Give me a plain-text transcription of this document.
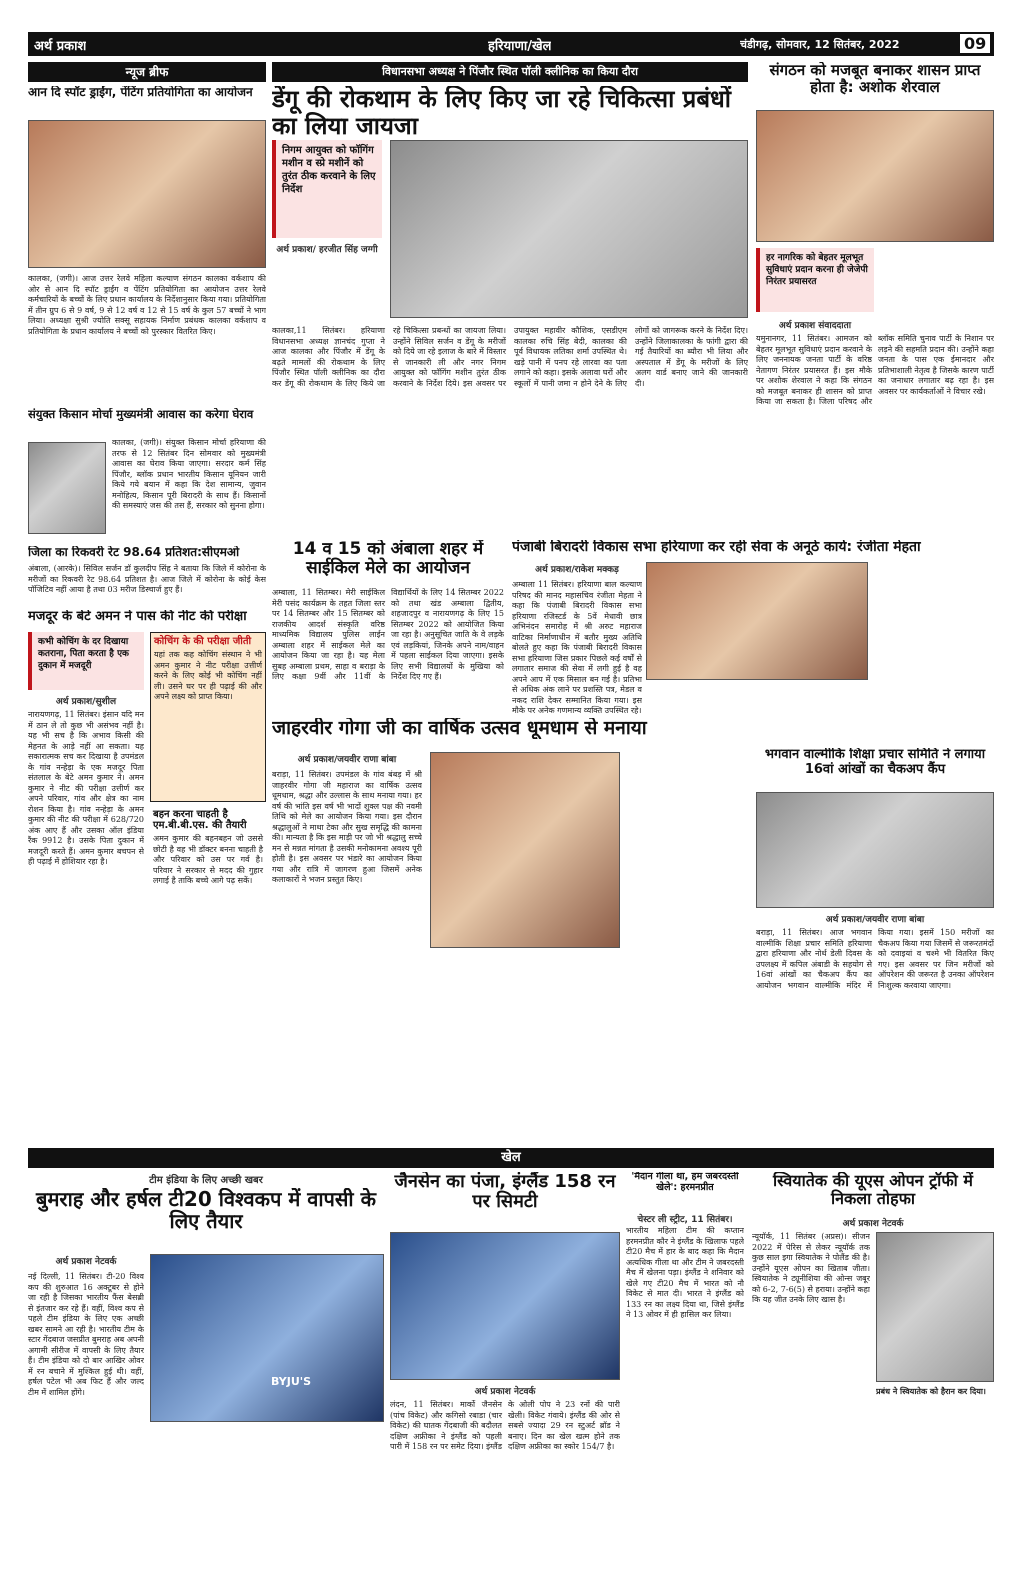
अर्थ प्रकाश	हरियाणा/खेल	चंडीगढ़, सोमवार, 12 सितंबर, 2022	09
न्यूज ब्रीफ
आन दि स्पॉट ड्राईंग, पेंटिंग प्रतियोगिता का आयोजन
कालका, (जगी)। आज उत्तर रेलवे महिला कल्याण संगठन कालका वर्कशाप की ओर से आन दि स्पॉट ड्राईंग व पेंटिंग प्रतियोगिता का आयोजन उत्तर रेलवे कर्मचारियों के बच्चों के लिए प्रधान कार्यालय के निर्देशानुसार किया गया। प्रतियोगिता में तीन ग्रुप 6 से 9 वर्ष, 9 से 12 वर्ष व 12 से 15 वर्ष के कुल 57 बच्चों ने भाग लिया। अध्यक्षा सुश्री ज्योति सक्सू सहायक निर्माण प्रबंधक कालका वर्कशाप व प्रतियोगिता के प्रधान कार्यालय ने बच्चों को पुरस्कार वितरित किए।
संयुक्त किसान मोर्चा मुख्यमंत्री आवास का करेगा घेराव
कालका, (जगी)। संयुक्त किसान मोर्चा हरियाणा की तरफ से 12 सितंबर दिन सोमवार को मुख्यमंत्री आवास का घेराव किया जाएगा। सरदार कर्म सिंह पिंजौर, ब्लॉक प्रधान भारतीय किसान यूनियन जारी किये गये बयान में कहा कि देश सामान्य, जुवान मनोहित्य, किसान पूरी बिरादरी के साथ हैं। किसानों की समस्याएं जस की तस हैं, सरकार को सुनना होगा।
जिला का रिकवरी रेट 98.64 प्रतिशत:सीएमओ
अंबाला, (आरके)। सिविल सर्जन डॉ कुलदीप सिंह ने बताया कि जिले में कोरोना के मरीजों का रिकवरी रेट 98.64 प्रतिशत है। आज जिले में कोरोना के कोई केस पॉजिटिव नहीं आया है तथा 03 मरीज डिस्चार्ज हुए हैं।
विधानसभा अध्यक्ष ने पिंजौर स्थित पॉली क्लीनिक का किया दौरा
डेंगू की रोकथाम के लिए किए जा रहे चिकित्सा प्रबंधों का लिया जायजा
निगम आयुक्त को फॉगिंग मशीन व स्प्रे मशीनें को तुरंत ठीक करवाने के लिए निर्देश
अर्थ प्रकाश/ हरजीत सिंह जग्गी
कालका,11 सितंबर। हरियाणा विधानसभा अध्यक्ष ज्ञानचंद गुप्ता ने आज कालका और पिंजौर में डेंगू के बढ़ते मामलों की रोकथाम के लिए पिंजौर स्थित पॉली क्लीनिक का दौरा कर डेंगू की रोकथाम के लिए किये जा रहे चिकित्सा प्रबन्धों का जायजा लिया। उन्होंने सिविल सर्जन व डेंगू के मरीजों को दिये जा रहे इलाज के बारे में विस्तार से जानकारी ली और नगर निगम आयुक्त को फॉगिंग मशीन तुरंत ठीक करवाने के निर्देश दिये। इस अवसर पर उपायुक्त महावीर कौशिक, एसडीएम कालका रुचि सिंह बेदी, कालका की पूर्व विधायक लतिका शर्मा उपस्थित थे। खड़े पानी में पनप रहे लारवा का पता लगाने को कहा। इसके अलावा घरों और स्कूलों में पानी जमा न होने देने के लिए लोगों को जागरूक करने के निर्देश दिए। उन्होंने जिलाकालका के फांगी द्वारा की गई तैयारियों का ब्यौरा भी लिया और अस्पताल में डेंगू के मरीजों के लिए अलग वार्ड बनाए जाने की जानकारी दी।
संगठन को मजबूत बनाकर शासन प्राप्त होता है: अशोक शेरवाल
हर नागरिक को बेहतर मूलभूत सुविधाएं प्रदान करना ही जेजेपी निरंतर प्रयासरत
अर्थ प्रकाश संवाददाता
यमुनानगर, 11 सितंबर। आमजन को बेहतर मूलभूत सुविधाएं प्रदान करवाने के लिए जननायक जनता पार्टी के वरिष्ठ नेतागण निरंतर प्रयासरत हैं। इस मौके पर अशोक शेरवाल ने कहा कि संगठन को मजबूत बनाकर ही शासन को प्राप्त किया जा सकता है। जिला परिषद और ब्लॉक समिति चुनाव पार्टी के निशान पर लड़ने की सहमति प्रदान की। उन्होंने कहा जनता के पास एक ईमानदार और प्रतिभाशाली नेतृत्व है जिसके कारण पार्टी का जनाधार लगातार बढ़ रहा है। इस अवसर पर कार्यकर्ताओं ने विचार रखे।
14 व 15 को अंबाला शहर में साईकिल मेले का आयोजन
अम्बाला, 11 सितम्बर। मेरी साईकिल मेरी पसंद कार्यक्रम के तहत जिला स्तर पर 14 सितम्बर और 15 सितम्बर को राजकीय आदर्श संस्कृति वरिष्ठ माध्यमिक विद्यालय पुलिस लाईन अम्बाला शहर में साईकल मेले का आयोजन किया जा रहा है। यह मेला सुबह अम्बाला प्रथम, साहा व बराड़ा के लिए कक्षा 9वीं और 11वीं के विद्यार्थियों के लिए 14 सितम्बर 2022 को तथा खंड अम्बाला द्वितीय, शहजादपुर व नारायणगढ़ के लिए 15 सितम्बर 2022 को आयोजित किया जा रहा है। अनुसूचित जाति के वे लड़के एवं लड़कियां, जिनके अपने नाम/वाहन में पहला साईकल दिया जाएगा। इसके लिए सभी विद्यालयों के मुखिया को निर्देश दिए गए हैं।
पंजाबी बिरादरी विकास सभा हरियाणा कर रही सेवा के अनूठे कार्य: रंजीता मेहता
अर्थ प्रकाश/राकेश मक्कड़
अम्बाला 11 सितंबर। हरियाणा बाल कल्याण परिषद की मानद महासचिव रंजीता मेहता ने कहा कि पंजाबी बिरादरी विकास सभा हरियाणा रजिस्टर्ड के 5वें मेधावी छात्र अभिनंदन समारोह में श्री अरुट महाराज वाटिका निर्माणाधीन में बतौर मुख्य अतिथि बोलते हुए कहा कि पंजाबी बिरादरी विकास सभा हरियाणा जिस प्रकार पिछले कई वर्षों से लगातार समाज की सेवा में लगी हुई है वह अपने आप में एक मिसाल बन गई है। प्रतिभा से अधिक अंक लाने पर प्रशस्ति पत्र, मेडल व नकद राशि देकर सम्मानित किया गया। इस मौके पर अनेक गणमान्य व्यक्ति उपस्थित रहे।
मजदूर के बेटे अमन ने पास की नीट की परीक्षा
कभी कोचिंग के दर दिखाया कतराना, पिता करता है एक दुकान में मजदूरी
अर्थ प्रकाश/सुशील
नारायणगढ़, 11 सितंबर। इंसान यदि मन में ठान ले तो कुछ भी असंभव नहीं है। यह भी सच है कि अभाव किसी की मेहनत के आड़े नहीं आ सकता। यह सकारात्मक सच कर दिखाया है उपमंडल के गांव नन्हेड़ा के एक मजदूर पिता संतलाल के बेटे अमन कुमार ने। अमन कुमार ने नीट की परीक्षा उत्तीर्ण कर अपने परिवार, गांव और क्षेत्र का नाम रोशन किया है। गांव नन्हेड़ा के अमन कुमार की नीट की परीक्षा में 628/720 अंक आए हैं और उसका ऑल इंडिया रैंक 9912 है। उसके पिता दुकान में मजदूरी करते हैं। अमन कुमार बचपन से ही पढ़ाई में होशियार रहा है।
कोचिंग के की परीक्षा जीती
यहां तक कह कोचिंग संस्थान ने भी अमन कुमार ने नीट परीक्षा उत्तीर्ण करने के लिए कोई भी कोचिंग नहीं ली। उसने घर पर ही पढ़ाई की और अपने लक्ष्य को प्राप्त किया।
बहन करना चाहती है एम.बी.बी.एस. की तैयारी
अमन कुमार की बहनबहन जो उससे छोटी है वह भी डॉक्टर बनना चाहती है और परिवार को उस पर गर्व है। परिवार ने सरकार से मदद की गुहार लगाई है ताकि बच्चे आगे पढ़ सकें।
जाहरवीर गोगा जी का वार्षिक उत्सव धूमधाम से मनाया
अर्थ प्रकाश/जयवीर राणा बांबा
बराड़ा, 11 सितंबर। उपमंडल के गांव बंबड़ में श्री जाहरवीर गोगा जी महाराज का वार्षिक उत्सव धूमधाम, श्रद्धा और उल्लास के साथ मनाया गया। हर वर्ष की भांति इस वर्ष भी भादों शुक्ल पक्ष की नवमी तिथि को मेले का आयोजन किया गया। इस दौरान श्रद्धालुओं ने माथा टेका और सुख समृद्धि की कामना की। मान्यता है कि इस माड़ी पर जो भी श्रद्धालु सच्चे मन से मन्नत मांगता है उसकी मनोकामना अवश्य पूरी होती है। इस अवसर पर भंडारे का आयोजन किया गया और रात्रि में जागरण हुआ जिसमें अनेक कलाकारों ने भजन प्रस्तुत किए।
भगवान वाल्मीकि शिक्षा प्रचार समिति ने लगाया 16वां आंखों का चैकअप कैंप
अर्थ प्रकाश/जयवीर राणा बांबा
बराड़ा, 11 सितंबर। आज भगवान वाल्मीकि शिक्षा प्रचार समिति हरियाणा द्वारा हरियाणा और नोर्थ डेली दिवस के उपलक्ष्य में कपिल अंबाडी के सहयोग से 16वां आंखों का चैकअप कैंप का आयोजन भगवान वाल्मीकि मंदिर में किया गया। इसमें 150 मरीजों का चैकअप किया गया जिसमें से जरूरतमंदों को दवाइयां व चश्मे भी वितरित किए गए। इस अवसर पर जिन मरीजों को ऑपरेशन की जरूरत है उनका ऑपरेशन निःशुल्क करवाया जाएगा।
खेल
टीम इंडिया के लिए अच्छी खबर
बुमराह और हर्षल टी20 विश्वकप में वापसी के लिए तैयार
अर्थ प्रकाश नेटवर्क
BYJU'S
नई दिल्ली, 11 सितंबर। टी-20 विश्व कप की शुरुआत 16 अक्टूबर से होने जा रही है जिसका भारतीय फैंस बेसब्री से इंतजार कर रहे हैं। वहीं, विश्व कप से पहले टीम इंडिया के लिए एक अच्छी खबर सामने आ रही है। भारतीय टीम के स्टार गेंदबाज जसप्रीत बुमराह अब अपनी अगामी सीरीज में वापसी के लिए तैयार हैं। टीम इंडिया को दो बार आखिर ओवर में रन बचाने में मुश्किल हुई थी। वहीं, हर्षल पटेल भी अब फिट हैं और जल्द टीम में शामिल होंगे।
जैनसेन का पंजा, इंग्लैंड 158 रन पर सिमटी
अर्थ प्रकाश नेटवर्क
लंदन, 11 सितंबर। मार्को जैनसेन (पांच विकेट) और कगिसो रबाडा (चार विकेट) की घातक गेंदबाजी की बदौलत दक्षिण अफ्रीका ने इंग्लैंड को पहली पारी में 158 रन पर समेट दिया। इंग्लैंड के ओली पोप ने 23 रनों की पारी खेली। विकेट गंवाये। इंग्लैंड की ओर से सबसे ज्यादा 29 रन स्टुअर्ट ब्रॉड ने बनाए। दिन का खेल खत्म होने तक दक्षिण अफ्रीका का स्कोर 154/7 है।
'मैदान गीला था, हम जबरदस्ती खेले': हरमनप्रीत
चेस्टर ली स्ट्रीट, 11 सितंबर।
भारतीय महिला टीम की कप्तान हरमनप्रीत कौर ने इंग्लैंड के खिलाफ पहले टी20 मैच में हार के बाद कहा कि मैदान अत्यधिक गीला था और टीम ने जबरदस्ती मैच में खेलना पड़ा। इंग्लैंड ने शनिवार को खेले गए टी20 मैच में भारत को नौ विकेट से मात दी। भारत ने इंग्लैंड को 133 रन का लक्ष्य दिया था, जिसे इंग्लैंड ने 13 ओवर में ही हासिल कर लिया।
स्वियातेक की यूएस ओपन ट्रॉफी में निकला तोहफा
अर्थ प्रकाश नेटवर्क
न्यूयॉर्क, 11 सितंबर (अप्रस)। सीजन 2022 में पेरिस से लेकर न्यूयॉर्क तक कुछ साल इगा स्वियातेक ने पोलैंड की है। उन्होंने यूएस ओपन का खिताब जीता। स्वियातेक ने ट्यूनीशिया की ओन्स जबूर को 6-2, 7-6(5) से हराया। उन्होंने कहा कि यह जीत उनके लिए खास है।
प्रबंध ने स्वियातेक को हैरान कर दिया।
